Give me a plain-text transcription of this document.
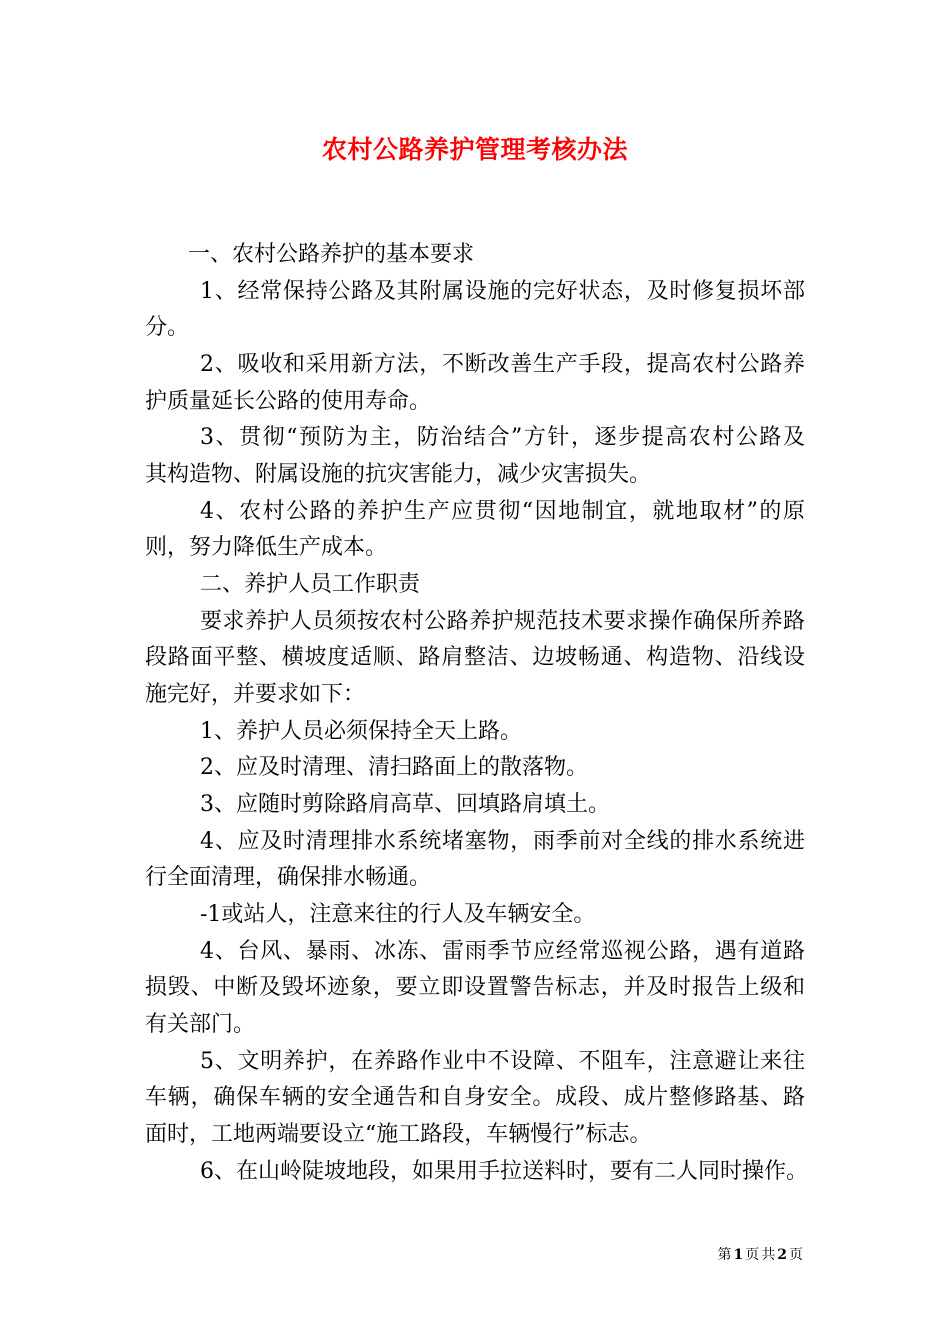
农村公路养护管理考核办法
一、农村公路养护的基本要求
1、经常保持公路及其附属设施的完好状态，及时修复损坏部
分。
2、吸收和采用新方法，不断改善生产手段，提高农村公路养
护质量延长公路的使用寿命。
3、贯彻“预防为主，防治结合”方针，逐步提高农村公路及
其构造物、附属设施的抗灾害能力，减少灾害损失。
4、农村公路的养护生产应贯彻“因地制宜，就地取材”的原
则，努力降低生产成本。
二、养护人员工作职责
要求养护人员须按农村公路养护规范技术要求操作确保所养路
段路面平整、横坡度适顺、路肩整洁、边坡畅通、构造物、沿线设
施完好，并要求如下：
1、养护人员必须保持全天上路。
2、应及时清理、清扫路面上的散落物。
3、应随时剪除路肩高草、回填路肩填土。
4、应及时清理排水系统堵塞物，雨季前对全线的排水系统进
行全面清理，确保排水畅通。
-1或站人，注意来往的行人及车辆安全。
4、台风、暴雨、冰冻、雷雨季节应经常巡视公路，遇有道路
损毁、中断及毁坏迹象，要立即设置警告标志，并及时报告上级和
有关部门。
5、文明养护，在养路作业中不设障、不阻车，注意避让来往
车辆，确保车辆的安全通告和自身安全。成段、成片整修路基、路
面时，工地两端要设立“施工路段，车辆慢行”标志。
6、在山岭陡坡地段，如果用手拉送料时，要有二人同时操作。
第1页共2页
